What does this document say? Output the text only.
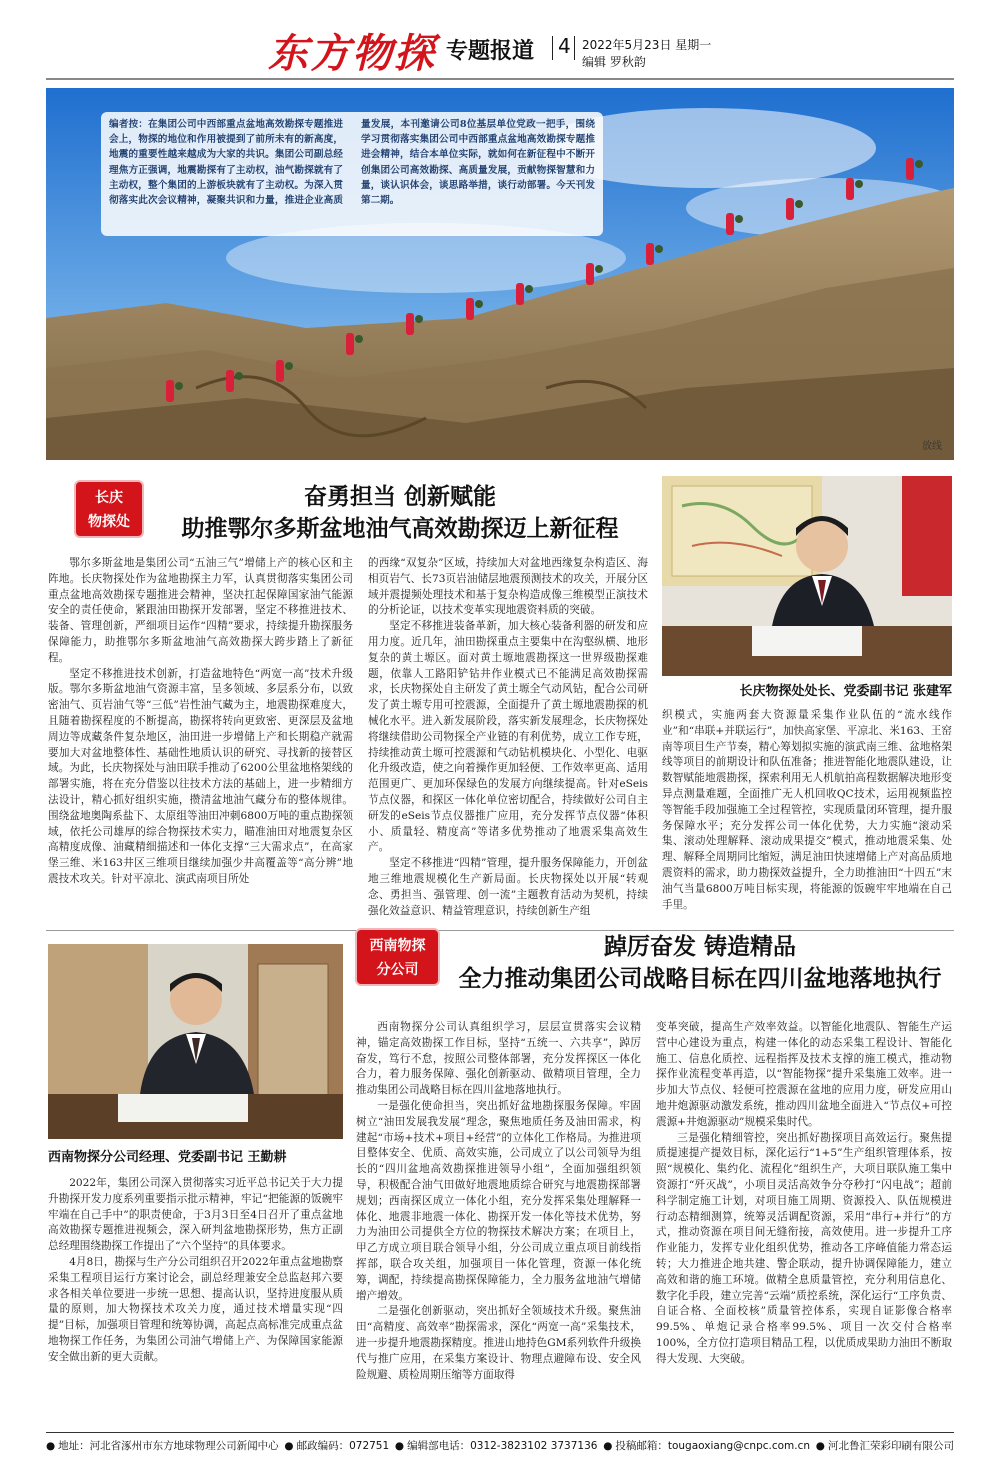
东方物探 专题报道 4 2022年5月23日 星期一
编辑 罗秋韵
编者按：在集团公司中西部重点盆地高效勘探专题推进会上，物探的地位和作用被提到了前所未有的新高度，地震的重要性越来越成为大家的共识。集团公司副总经理焦方正强调，地震勘探有了主动权，油气勘探就有了主动权，整个集团的上游板块就有了主动权。为深入贯彻落实此次会议精神，凝聚共识和力量，推进企业高质量发展，本刊邀请公司8位基层单位党政一把手，围绕学习贯彻落实集团公司中西部重点盆地高效勘探专题推进会精神，结合本单位实际，就如何在新征程中不断开创集团公司高效勘探、高质量发展，贡献物探智慧和力量，谈认识体会，谈思路举措，谈行动部署。今天刊发第二期。
放线
长庆
物探处
奋勇担当 创新赋能
助推鄂尔多斯盆地油气高效勘探迈上新征程

鄂尔多斯盆地是集团公司“五油三气”增储上产的核心区和主阵地。长庆物探处作为盆地勘探主力军，认真贯彻落实集团公司重点盆地高效勘探专题推进会精神，坚决扛起保障国家油气能源安全的责任使命，紧跟油田勘探开发部署，坚定不移推进技术、装备、管理创新，严细项目运作“四精”要求，持续提升勘探服务保障能力，助推鄂尔多斯盆地油气高效勘探大跨步踏上了新征程。

坚定不移推进技术创新，打造盆地特色“两宽一高”技术升级版。鄂尔多斯盆地油气资源丰富，呈多领域、多层系分布，以致密油气、页岩油气等“三低”岩性油气藏为主，地震勘探难度大，且随着勘探程度的不断提高，勘探将转向更致密、更深层及盆地周边等成藏条件复杂地区，油田进一步增储上产和长期稳产就需要加大对盆地整体性、基础性地质认识的研究、寻找新的接替区域。为此，长庆物探处与油田联手推动了6200公里盆地格架线的部署实施，将在充分借鉴以往技术方法的基础上，进一步精细方法设计，精心抓好组织实施，攒清盆地油气藏分布的整体规律。围绕盆地奥陶系盐下、太原组等油田冲刺6800万吨的重点勘探领域，依托公司雄厚的综合物探技术实力，瞄准油田对地震复杂区高精度成像、油藏精细描述和一体化支撑“三大需求点”，在高家堡三维、米163井区三维项目继续加强少井高覆盖等“高分辨”地震技术攻关。针对平凉北、演武南项目所处

的西缘“双复杂”区域，持续加大对盆地西缘复杂构造区、海相页岩气、长73页岩油储层地震预测技术的攻关，开展分区域并震提频处理技术和基于复杂构造成像三维模型正演技术的分析论证，以技术变革实现地震资料质的突破。

坚定不移推进装备革新，加大核心装备利器的研发和应用力度。近几年，油田勘探重点主要集中在沟壑纵横、地形复杂的黄土塬区。面对黄土塬地震勘探这一世界级勘探难题，依靠人工路阳铲钻井作业模式已不能满足高效勘探需求，长庆物探处自主研发了黄土塬全气动风钻，配合公司研发了黄土塬专用可控震源，全面提升了黄土塬地震勘探的机械化水平。进入新发展阶段，落实新发展理念，长庆物探处将继续借助公司物探全产业链的有利优势，成立工作专班，持续推动黄土塬可控震源和气动钻机模块化、小型化、电驱化升级改造，使之向着操作更加轻便、工作效率更高、适用范围更广、更加环保绿色的发展方向继续提高。针对eSeis节点仪器，和探区一体化单位密切配合，持续做好公司自主研发的eSeis节点仪器推广应用，充分发挥节点仪器“体积小、质量轻、精度高”等诸多优势推动了地震采集高效生产。

坚定不移推进“四精”管理，提升服务保障能力，开创盆地三维地震规模化生产新局面。长庆物探处以开展“转观念、勇担当、强管理、创一流”主题教育活动为契机，持续强化效益意识、精益管理意识，持续创新生产组

长庆物探处处长、党委副书记 张建军

织模式，实施两套大资源量采集作业队伍的“流水线作业”和“串联+并联运行”，加快高家堡、平凉北、米163、王窑南等项目生产节奏，精心筹划拟实施的演武南三维、盆地格架线等项目的前期设计和队伍准备；推进智能化地震队建设，让数智赋能地震勘探，探索利用无人机航拍高程数据解决地形变异点测量难题，全面推广无人机回收QC技术，运用视频监控等智能手段加强施工全过程管控，实现质量闭环管理，提升服务保障水平；充分发挥公司一体化优势，大力实施“滚动采集、滚动处理解释、滚动成果提交”模式，推动地震采集、处理、解释全周期同比缩短，满足油田快速增储上产对高品质地震资料的需求，助力勘探效益提升，全力助推油田“十四五”末油气当量6800万吨目标实现，将能源的饭碗牢牢地端在自己手里。

西南物探分公司经理、党委副书记 王勤耕
西南物探
分公司
踔厉奋发 铸造精品
全力推动集团公司战略目标在四川盆地落地执行

2022年，集团公司深入贯彻落实习近平总书记关于大力提升勘探开发力度系列重要指示批示精神，牢记“把能源的饭碗牢牢端在自己手中”的职责使命，于3月3日至4日召开了重点盆地高效勘探专题推进视频会，深入研判盆地勘探形势，焦方正副总经理围绕勘探工作提出了“六个坚持”的具体要求。

4月8日，勘探与生产分公司组织召开2022年重点盆地勘察采集工程项目运行方案讨论会，副总经理兼安全总监赵邦六要求各相关单位要进一步统一思想、提高认识，坚持进度服从质量的原则，加大物探技术攻关力度，通过技术增量实现“四提”目标，加强项目管理和统筹协调，高起点高标准完成重点盆地物探工作任务，为集团公司油气增储上产、为保障国家能源安全做出新的更大贡献。

西南物探分公司认真组织学习，层层宣贯落实会议精神，锚定高效勘探工作目标，坚持“五统一、六共享”，踔厉奋发，笃行不怠，按照公司整体部署，充分发挥探区一体化合力，着力服务保障、强化创新驱动、做精项目管理，全力推动集团公司战略目标在四川盆地落地执行。

一是强化使命担当，突出抓好盆地勘探服务保障。牢固树立“油田发展我发展”理念，聚焦地质任务及油田需求，构建起“市场+技术+项目+经营”的立体化工作格局。为推进项目整体安全、优质、高效实施，公司成立了以公司领导为组长的“四川盆地高效勘探推进领导小组”，全面加强组织领导，积极配合油气田做好地震地质综合研究与地震勘探部署规划；西南探区成立一体化小组，充分发挥采集处理解释一体化、地震非地震一体化、勘探开发一体化等技术优势，努力为油田公司提供全方位的物探技术解决方案；在项目上，甲乙方成立项目联合领导小组，分公司成立重点项目前线指挥部，联合攻关组，加强项目一体化管理，资源一体化统筹，调配，持续提高勘探保障能力，全力服务盆地油气增储增产增效。

二是强化创新驱动，突出抓好全领域技术升级。聚焦油田“高精度、高效率”勘探需求，深化“两宽一高”采集技术，进一步提升地震勘探精度。推进山地持色GM系列软件升级换代与推广应用，在采集方案设计、物理点避障布设、安全风险规避、质检周期压缩等方面取得

变革突破，提高生产效率效益。以智能化地震队、智能生产运营中心建设为重点，构建一体化的动态采集工程设计、智能化施工、信息化质控、远程指挥及技术支撑的施工模式，推动物探作业流程变革再造，以“智能物探”提升采集施工效率。进一步加大节点仪、轻便可控震源在盆地的应用力度，研发应用山地井炮源驱动激发系统，推动四川盆地全面进入“节点仪+可控震源+井炮源驱动”规模采集时代。

三是强化精细管控，突出抓好勘探项目高效运行。聚焦提质提速提产提效目标，深化运行“1+5”生产组织管理体系，按照“规模化、集约化、流程化”组织生产，大项目联队施工集中资源打“歼灭战”，小项目灵活高效争分夺秒打“闪电战”；超前科学制定施工计划，对项目施工周期、资源投入、队伍规模进行动态精细测算，统筹灵活调配资源，采用“串行+并行”的方式，推动资源在项目间无缝衔接，高效使用。进一步提升工序作业能力，发挥专业化组织优势，推动各工序峰值能力常态运转；大力推进企地共建、警企联动，提升协调保障能力，建立高效和谐的施工环境。做精全息质量管控，充分利用信息化、数字化手段，建立完善“云端”质控系统，深化运行“工序负责、自证合格、全面校核”质量管控体系，实现自证影像合格率99.5%、单炮记录合格率99.5%、项目一次交付合格率100%，全方位打造项目精品工程，以优质成果助力油田不断取得大发现、大突破。

● 地址：河北省涿州市东方地球物理公司新闻中心	● 邮政编码：072751	● 编辑部电话：0312-3823102 3737136	● 投稿邮箱：tougaoxiang@cnpc.com.cn	● 河北鲁汇荣彩印刷有限公司
